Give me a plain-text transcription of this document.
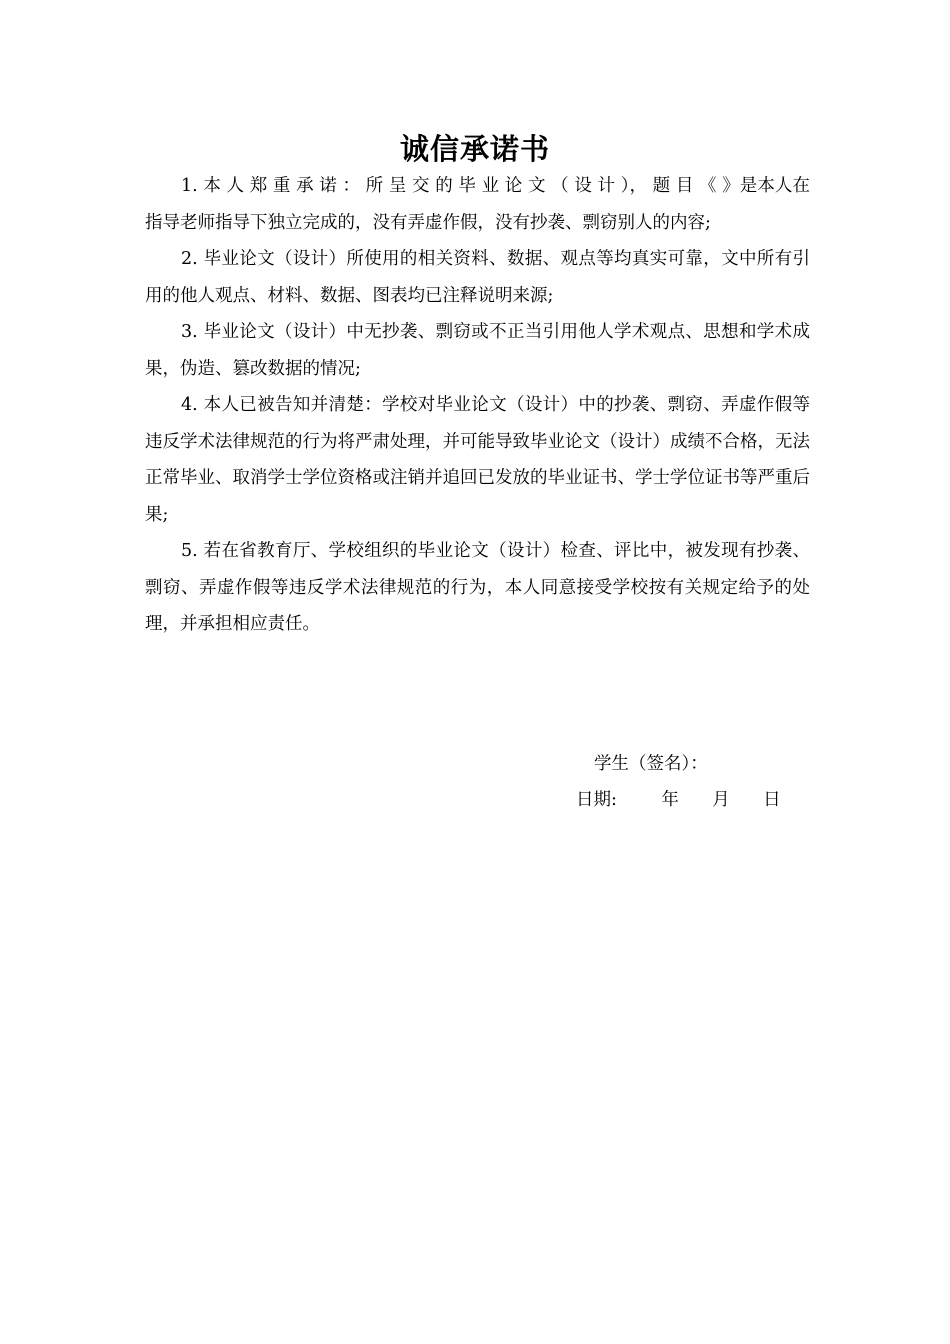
诚信承诺书

1. 本 人 郑 重 承 诺 ： 所 呈 交 的 毕 业 论 文 （ 设 计 ）， 题 目 《 》是本人在指导老师指导下独立完成的，没有弄虚作假，没有抄袭、剽窃别人的内容;

2. 毕业论文（设计）所使用的相关资料、数据、观点等均真实可靠，文中所有引用的他人观点、材料、数据、图表均已注释说明来源;

3. 毕业论文（设计）中无抄袭、剽窃或不正当引用他人学术观点、思想和学术成果，伪造、篡改数据的情况;

4. 本人已被告知并清楚：学校对毕业论文（设计）中的抄袭、剽窃、弄虚作假等违反学术法律规范的行为将严肃处理，并可能导致毕业论文（设计）成绩不合格，无法正常毕业、取消学士学位资格或注销并追回已发放的毕业证书、学士学位证书等严重后果;

5. 若在省教育厅、学校组织的毕业论文（设计）检查、评比中，被发现有抄袭、剽窃、弄虚作假等违反学术法律规范的行为，本人同意接受学校按有关规定给予的处理，并承担相应责任。

学生（签名）：
日期:        年      月      日
